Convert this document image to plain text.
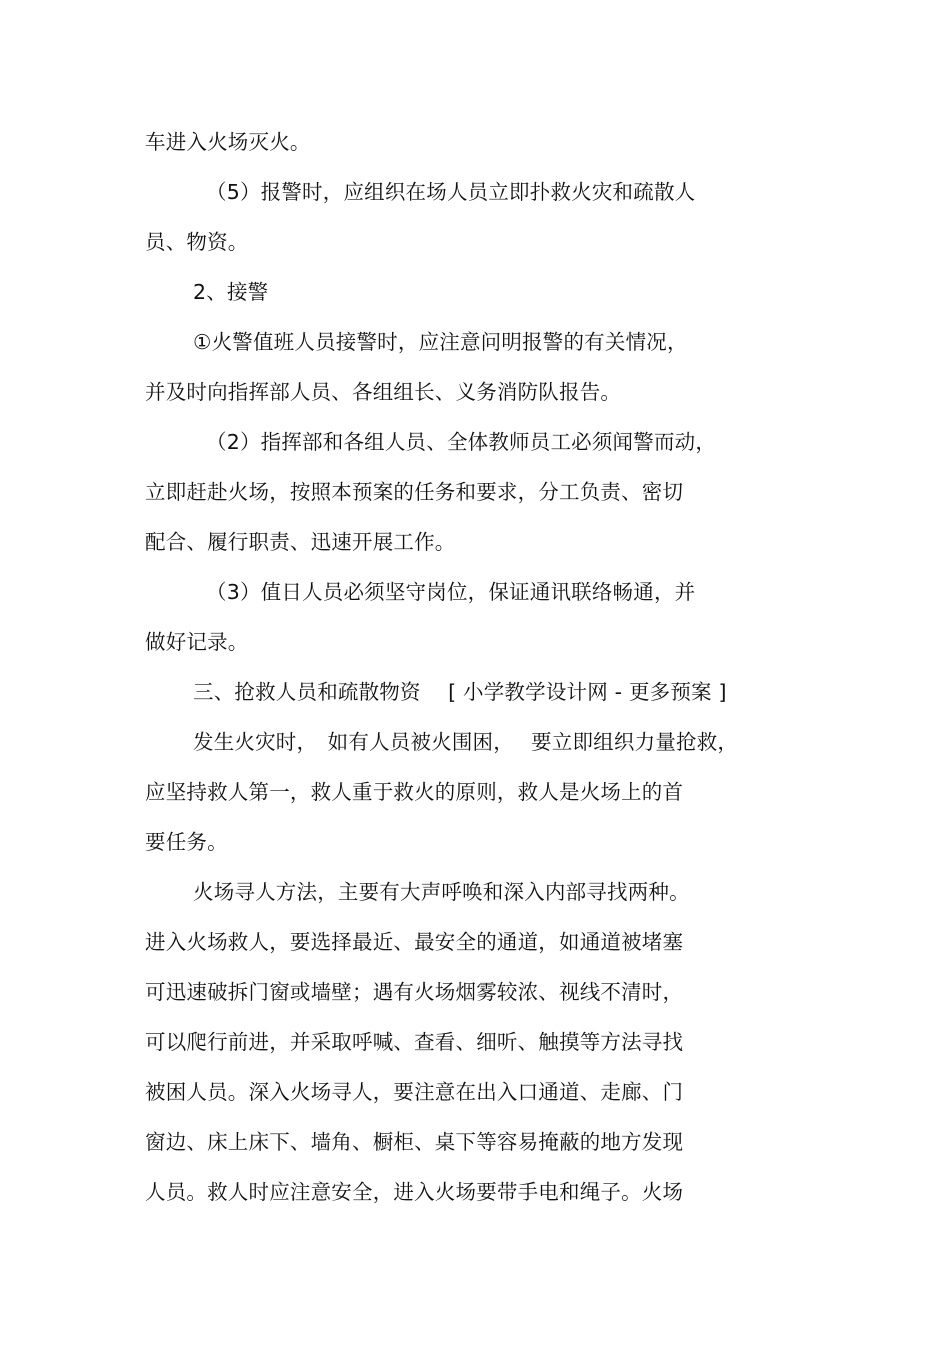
车进入火场灭火。
（5）报警时，应组织在场人员立即扑救火灾和疏散人
员、物资。
2、接警
①火警值班人员接警时，应注意问明报警的有关情况，
并及时向指挥部人员、各组组长、义务消防队报告。
（2）指挥部和各组人员、全体教师员工必须闻警而动，
立即赶赴火场，按照本预案的任务和要求，分工负责、密切
配合、履行职责、迅速开展工作。
（3）值日人员必须坚守岗位，保证通讯联络畅通，并
做好记录。
三、抢救人员和疏散物资　 [ 小学教学设计网 - 更多预案 ]
发生火灾时，　如有人员被火围困，　 要立即组织力量抢救，
应坚持救人第一，救人重于救火的原则，救人是火场上的首
要任务。
火场寻人方法，主要有大声呼唤和深入内部寻找两种。
进入火场救人，要选择最近、最安全的通道，如通道被堵塞
可迅速破拆门窗或墙壁；遇有火场烟雾较浓、视线不清时，
可以爬行前进，并采取呼喊、查看、细听、触摸等方法寻找
被困人员。深入火场寻人，要注意在出入口通道、走廊、门
窗边、床上床下、墙角、橱柜、桌下等容易掩蔽的地方发现
人员。救人时应注意安全，进入火场要带手电和绳子。火场
